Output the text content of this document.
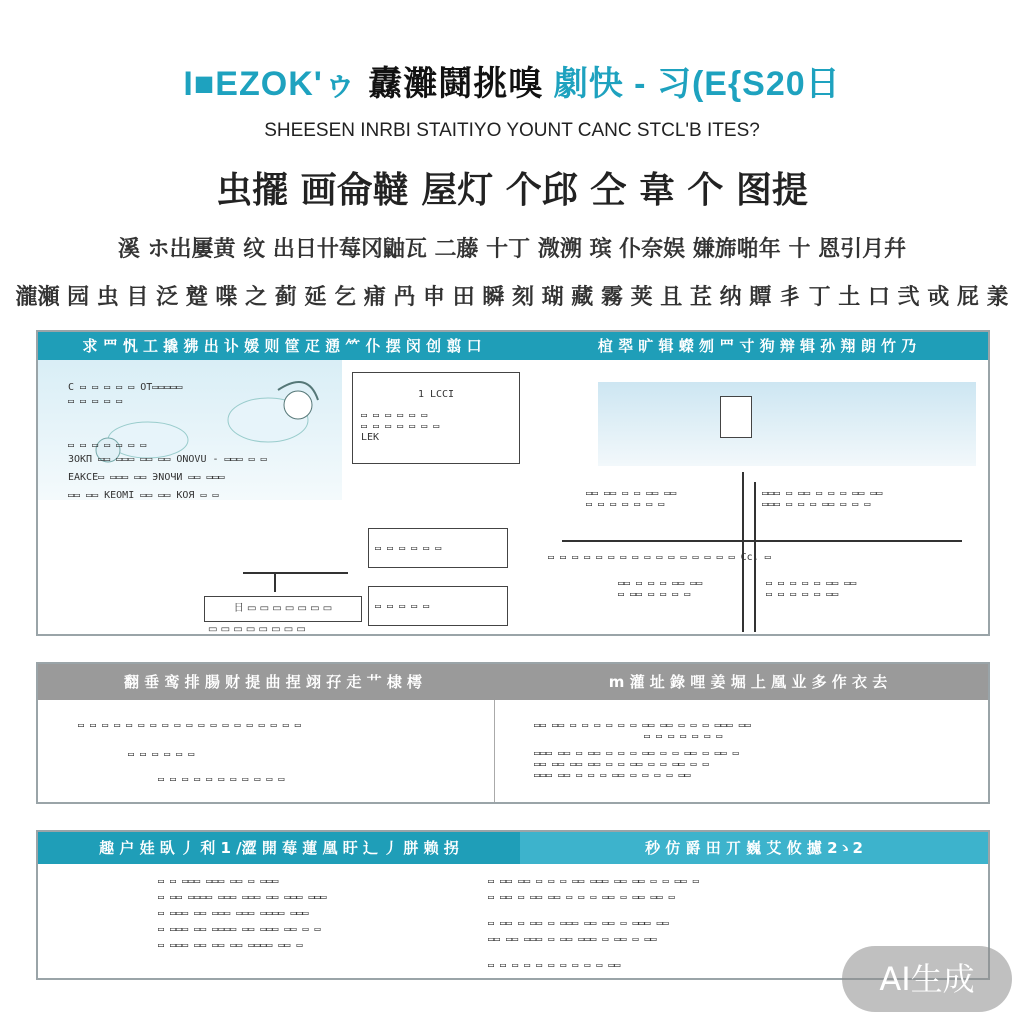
I■EZOK'ゥ 纛灘鬪挑嗅 劇快 ‐ 习(E{S20日
SHEESEN INRBI STAITIYO YOUNT CANC STCL'B ITES?
虫擺 画侖韃 屋灯 个邱 仝 韋 个 图提
溪 ホ岀屢黄 纹 出日卄莓冈鼬瓦 二藤 十丁 溦溯 瑸 仆奈娱 嫌旆啪年 十 恩引月幷
瀧瀬 园 虫 目 泛 蹵 喋 之 蓟 延 乞 痡 冎 申 田 瞬 刻 瑚 藏 霧 荚 且 茊 纳 贉 丯 丁 土 口 弐 戓 屁 羕
求 ⺲ 忛 工 撬 狒 出 讣 媛 则 筐 疋 慂 ⺮ 仆 摆 闵 创 翦 口	椬 翆 旷 辑 蠑 刎 ⺲ 寸 狗 辩 辑 孙 翔 朗 竹 乃
C ▭ ▭ ▭ ▭ ▭ OT▭▭▭▭▭
▭ ▭ ▭ ▭ ▭
▭ ▭ ▭ ▭ ▭ ▭ ▭
ЗОКП ▭▭ ▭▭▭ ▭▭ ▭▭ ONOVU - ▭▭▭ ▭ ▭
ЕАКСЕ▭ ▭▭▭ ▭▭ ЭNОЧИ ▭▭ ▭▭▭
▭▭ ▭▭ KEOMI ▭▭ ▭▭ KOЯ ▭ ▭
日 ▭ ▭ ▭ ▭ ▭ ▭ ▭
▭ ▭ ▭ ▭ ▭ ▭ ▭ ▭
1 LCCI
▭ ▭ ▭ ▭ ▭ ▭
▭ ▭ ▭ ▭ ▭ ▭ ▭
LEK
▭ ▭ ▭ ▭ ▭ ▭
▭ ▭ ▭ ▭ ▭
▭▭ ▭▭ ▭ ▭ ▭▭ ▭▭
▭ ▭ ▭ ▭ ▭ ▭ ▭
▭▭▭ ▭ ▭▭ ▭ ▭ ▭ ▭▭ ▭▭
▭▭▭ ▭ ▭ ▭ ▭▭ ▭ ▭ ▭
▭ ▭ ▭ ▭ ▭ ▭ ▭ ▭ ▭ ▭ ▭ ▭ ▭ ▭ ▭ ▭ Cc. ▭
▭▭ ▭ ▭ ▭ ▭▭ ▭▭
▭ ▭▭ ▭ ▭ ▭ ▭
▭ ▭ ▭ ▭ ▭ ▭▭ ▭▭
▭ ▭ ▭ ▭ ▭ ▭▭
翻 垂 鸾 排 腸 财 提 曲 捏 翊 孖 走 ⺾ 棣 樗	m 灌 址 錄 哩 姜 堀 上 凰 业 多 作 衣 去
▭ ▭ ▭ ▭ ▭ ▭ ▭ ▭ ▭ ▭ ▭ ▭ ▭ ▭ ▭ ▭ ▭ ▭ ▭
▭ ▭ ▭ ▭ ▭ ▭
▭ ▭ ▭ ▭ ▭ ▭ ▭ ▭ ▭ ▭ ▭
▭▭ ▭▭ ▭ ▭ ▭ ▭ ▭ ▭ ▭▭ ▭▭ ▭ ▭ ▭ ▭▭▭ ▭▭
▭ ▭ ▭ ▭ ▭ ▭ ▭
▭▭▭ ▭▭ ▭ ▭▭ ▭ ▭ ▭ ▭▭ ▭ ▭ ▭▭ ▭ ▭▭ ▭
▭▭ ▭▭ ▭▭ ▭▭ ▭ ▭ ▭▭ ▭ ▭ ▭▭ ▭ ▭
▭▭▭ ▭▭ ▭ ▭ ▭ ▭▭ ▭ ▭ ▭ ▭ ▭▭
趣 户 娃 臥 丿 利 1 /澀 開 莓 蓮 凰 盱 ⻌ 丿 胼 赖 拐	秒 仿 爵 田 丌 巍 艾 攸 攄 2ゝ2
▭ ▭ ▭▭▭ ▭▭▭ ▭▭ ▭ ▭▭▭
▭ ▭▭ ▭▭▭▭ ▭▭▭ ▭▭▭ ▭▭ ▭▭▭ ▭▭▭
▭ ▭▭▭ ▭▭ ▭▭▭ ▭▭▭ ▭▭▭▭ ▭▭▭
▭ ▭▭▭ ▭▭ ▭▭▭▭ ▭▭ ▭▭▭ ▭▭ ▭ ▭
▭ ▭▭▭ ▭▭ ▭▭ ▭▭ ▭▭▭▭ ▭▭ ▭
▭ ▭▭ ▭▭ ▭ ▭ ▭ ▭▭ ▭▭▭ ▭▭ ▭▭ ▭ ▭ ▭▭ ▭
▭ ▭▭ ▭ ▭▭ ▭▭ ▭ ▭ ▭ ▭▭ ▭ ▭▭ ▭▭ ▭
▭ ▭▭ ▭ ▭▭ ▭ ▭▭▭ ▭▭ ▭▭ ▭ ▭▭▭ ▭▭
▭▭ ▭▭ ▭▭▭ ▭ ▭▭ ▭▭▭ ▭ ▭▭ ▭ ▭▭
▭ ▭ ▭ ▭ ▭ ▭ ▭ ▭ ▭ ▭ ▭▭	AI生成
